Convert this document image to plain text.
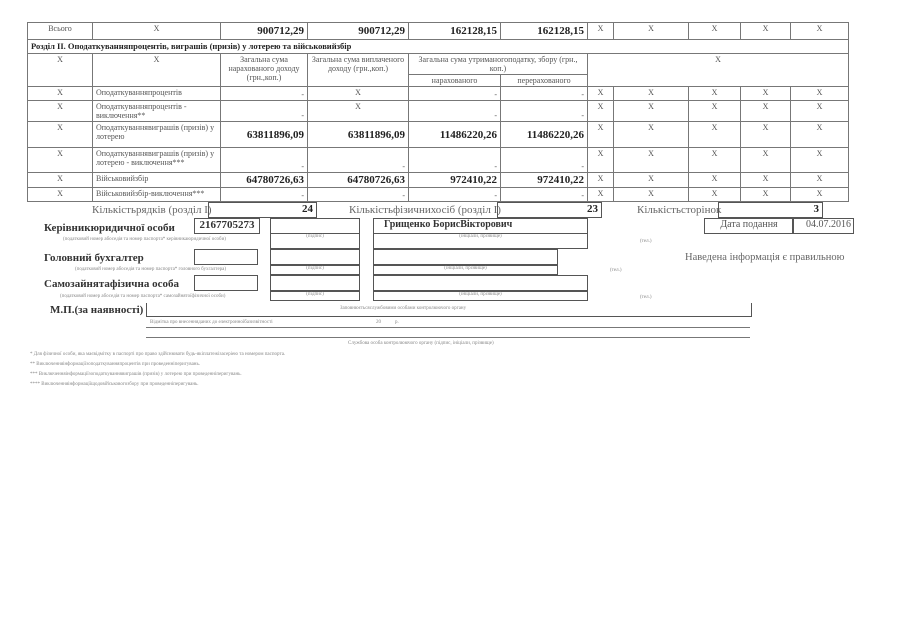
Всього	X	900712,29	900712,29	162128,15	162128,15	X	X	X	X	X
Розділ ІІ. Оподаткуванняпроцентів, виграшів (призів) у лотерею та військовийзбір										
X	X	Загальна сума нарахованого доходу (грн.,коп.)	Загальна сума виплаченого доходу (грн.,коп.)	Загальна сума утриманогоподатку, збору (грн., коп.)		X				
				нарахованого	перерахованого					
X	Оподаткуванняпроцентів	-	X	-	-	X	X	X	X	X
X	Оподаткуванняпроцентів - виключення**	-	X	-	-	X	X	X	X	X
X	Оподаткуваннявиграшів (призів) у лотерею	63811896,09	63811896,09	11486220,26	11486220,26	X	X	X	X	X
X	Оподаткуваннявиграшів (призів) у лотерею - виключення***	-	-	-	-	X	X	X	X	X
X	Військовийзбір	64780726,63	64780726,63	972410,22	972410,22	X	X	X	X	X
X	Військовийзбір-виключення***	-	-	-	-	X	X	X	X	X
Кількістьрядків (розділ І)	24	Кількістьфізичнихосіб (розділ І)	23	Кількістьсторінок	3
Керівникюридичної особи	2167705273
(податковий номер абоседія та номер паспорта* керівникаюридичної особи)
(підпис)
Грищенко БорисВікторович
(ініціали, прізвище)
(тел.)
Дата подання	04.07.2016
Наведена інформація є правильною
Головний бухгалтер
(податковий номер абоседія та номер паспорта* головного бухгалтера)	(підпис)	(ініціали, прізвище)	(тел.)
Самозайнятафізична особа
(податковий номер абоседія та номер паспорта* самозайнятоїфізичної особи)	(підпис)	(ініціали, прізвище)
(тел.)
М.П.(за наявності)	Заповнюєтьсяслужбовими особами контролюючого органу
Відмітка про внесенняданих до електронноїбазизвітності	20	р.
Службова особа контролюючого органу (підпис, ініціали, прізвище)
* Для фізичної особи, яка маєвідмітку в паспорті про право здійснювати будь-якіплатежізасеріею та номером паспорта.
** Виключенняінформаціїзоподаткуванняпроцентів при проведенніперигувань.
*** Виключенняінформаціїзоподаткуваннявиграшів (призів) у лотерею при проведенніперигувань.
**** Виключенняінформаціїщодовійськовогозбору при проведенніперигувань.
